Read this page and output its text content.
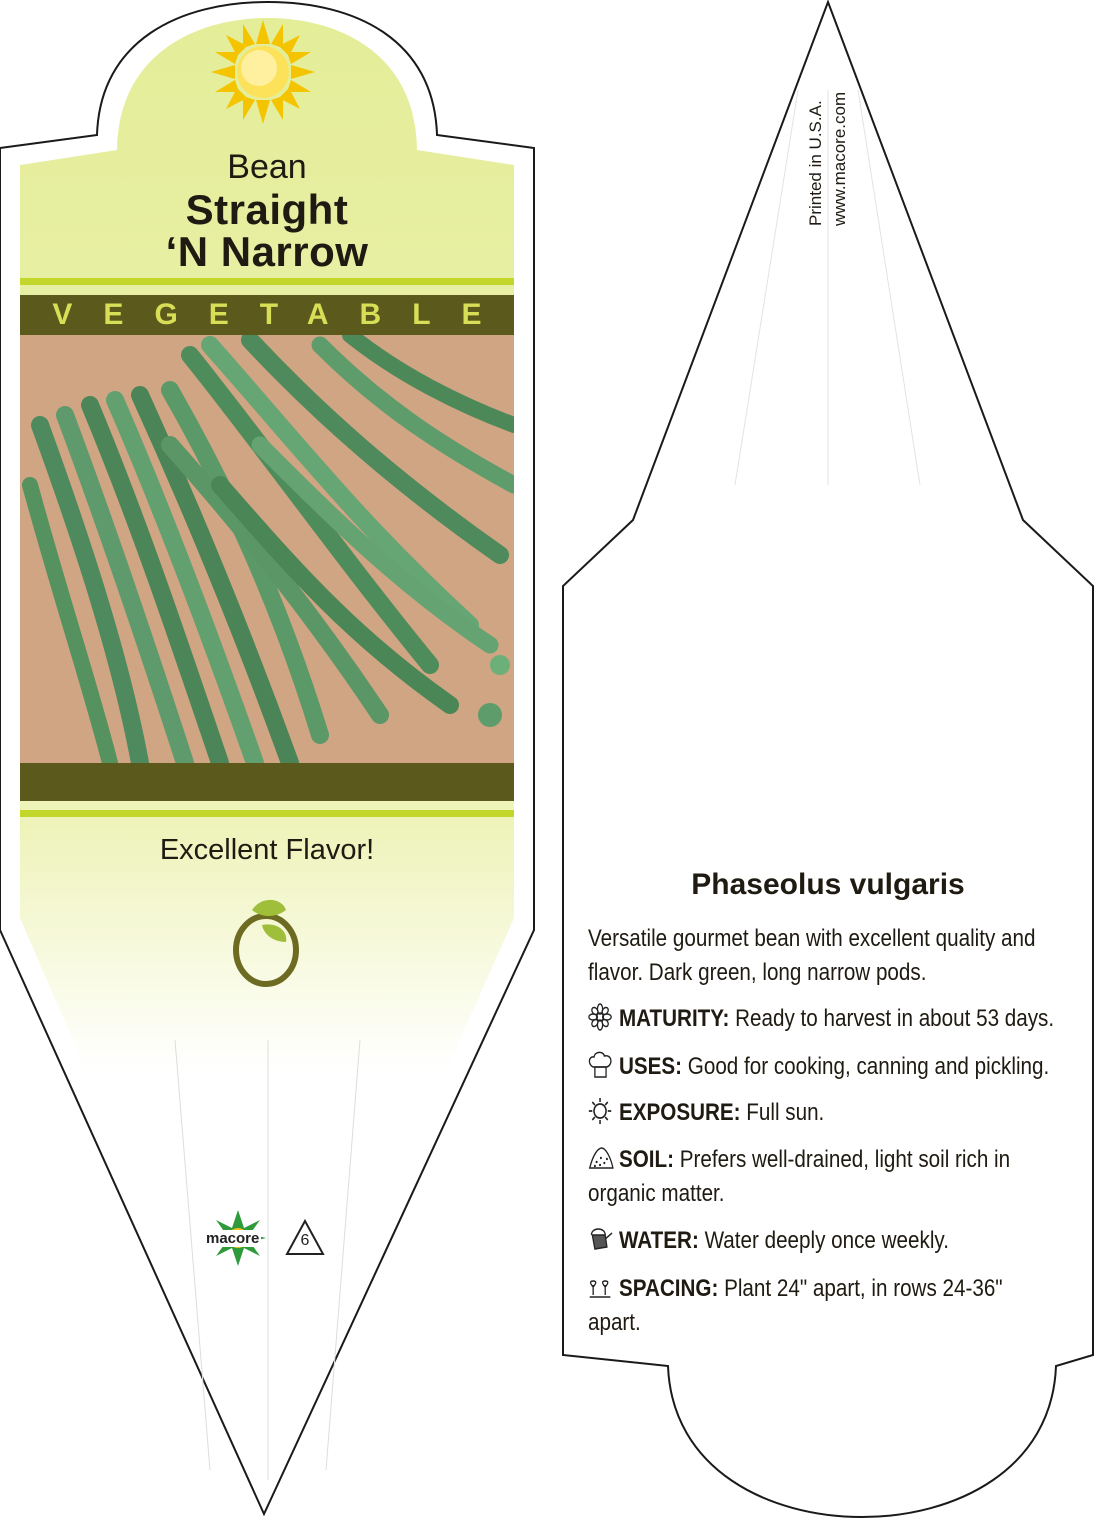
Bean
Straight
‘N Narrow
VEGETABLE
Excellent Flavor!
macore	6
Printed in U.S.A. www.macore.com
Phaseolus vulgaris
Versatile gourmet bean with excellent quality and
flavor. Dark green, long narrow pods.
MATURITY: Ready to harvest in about 53 days.
USES: Good for cooking, canning and pickling.
EXPOSURE: Full sun.
SOIL: Prefers well-drained, light soil rich in
organic matter.
WATER: Water deeply once weekly.
SPACING: Plant 24" apart, in rows 24-36"
apart.
